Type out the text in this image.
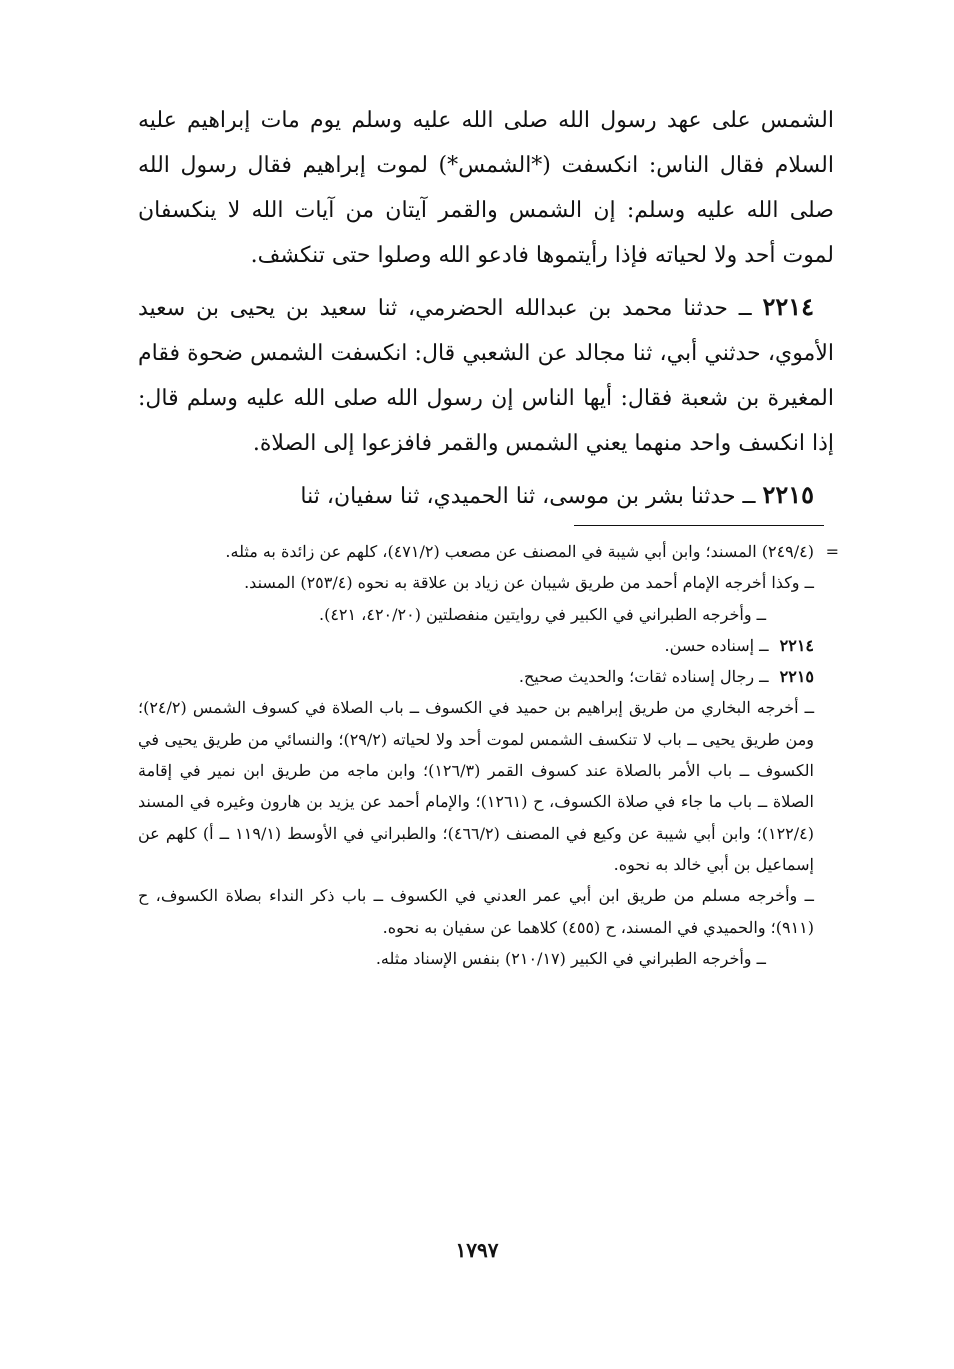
الشمس على عهد رسول الله صلى الله عليه وسلم يوم مات إبراهيم عليه السلام فقال الناس: انكسفت (*الشمس*) لموت إبراهيم فقال رسول الله صلى الله عليه وسلم: إن الشمس والقمر آيتان من آيات الله لا ينكسفان لموت أحد ولا لحياته فإذا رأيتموها فادعو الله وصلوا حتى تنكشف.

٢٢١٤ ــ حدثنا محمد بن عبدالله الحضرمي، ثنا سعيد بن يحيى بن سعيد الأموي، حدثني أبي، ثنا مجالد عن الشعبي قال: انكسفت الشمس ضحوة فقام المغيرة بن شعبة فقال: أيها الناس إن رسول الله صلى الله عليه وسلم قال: إذا انكسف واحد منهما يعني الشمس والقمر فافزعوا إلى الصلاة.

٢٢١٥ ــ حدثنا بشر بن موسى، ثنا الحميدي، ثنا سفيان، ثنا

=

(٢٤٩/٤) المسند؛ وابن أبي شيبة في المصنف عن مصعب (٤٧١/٢)، كلهم عن زائدة به مثله.

ــ وكذا أخرجه الإمام أحمد من طريق شيبان عن زياد بن علاقة به نحوه (٢٥٣/٤) المسند.

ــ وأخرجه الطبراني في الكبير في روايتين منفصلتين (٤٢٠/٢٠، ٤٢١).

٢٢١٤ ــ إسناده حسن.

٢٢١٥ ــ رجال إسناده ثقات؛ والحديث صحيح.

ــ أخرجه البخاري من طريق إبراهيم بن حميد في الكسوف ــ باب الصلاة في كسوف الشمس (٢٤/٢)؛ ومن طريق يحيى ــ باب لا تنكسف الشمس لموت أحد ولا لحياته (٢٩/٢)؛ والنسائي من طريق يحيى في الكسوف ــ باب الأمر بالصلاة عند كسوف القمر (١٢٦/٣)؛ وابن ماجه من طريق ابن نمير في إقامة الصلاة ــ باب ما جاء في صلاة الكسوف، ح (١٢٦١)؛ والإمام أحمد عن يزيد بن هارون وغيره في المسند (١٢٢/٤)؛ وابن أبي شيبة عن وكيع في المصنف (٤٦٦/٢)؛ والطبراني في الأوسط (١١٩/١ ــ أ) كلهم عن إسماعيل بن أبي خالد به نحوه.

ــ وأخرجه مسلم من طريق ابن أبي عمر العدني في الكسوف ــ باب ذكر النداء بصلاة الكسوف، ح (٩١١)؛ والحميدي في المسند، ح (٤٥٥) كلاهما عن سفيان به نحوه.

ــ وأخرجه الطبراني في الكبير (٢١٠/١٧) بنفس الإسناد مثله.

١٧٩٧
